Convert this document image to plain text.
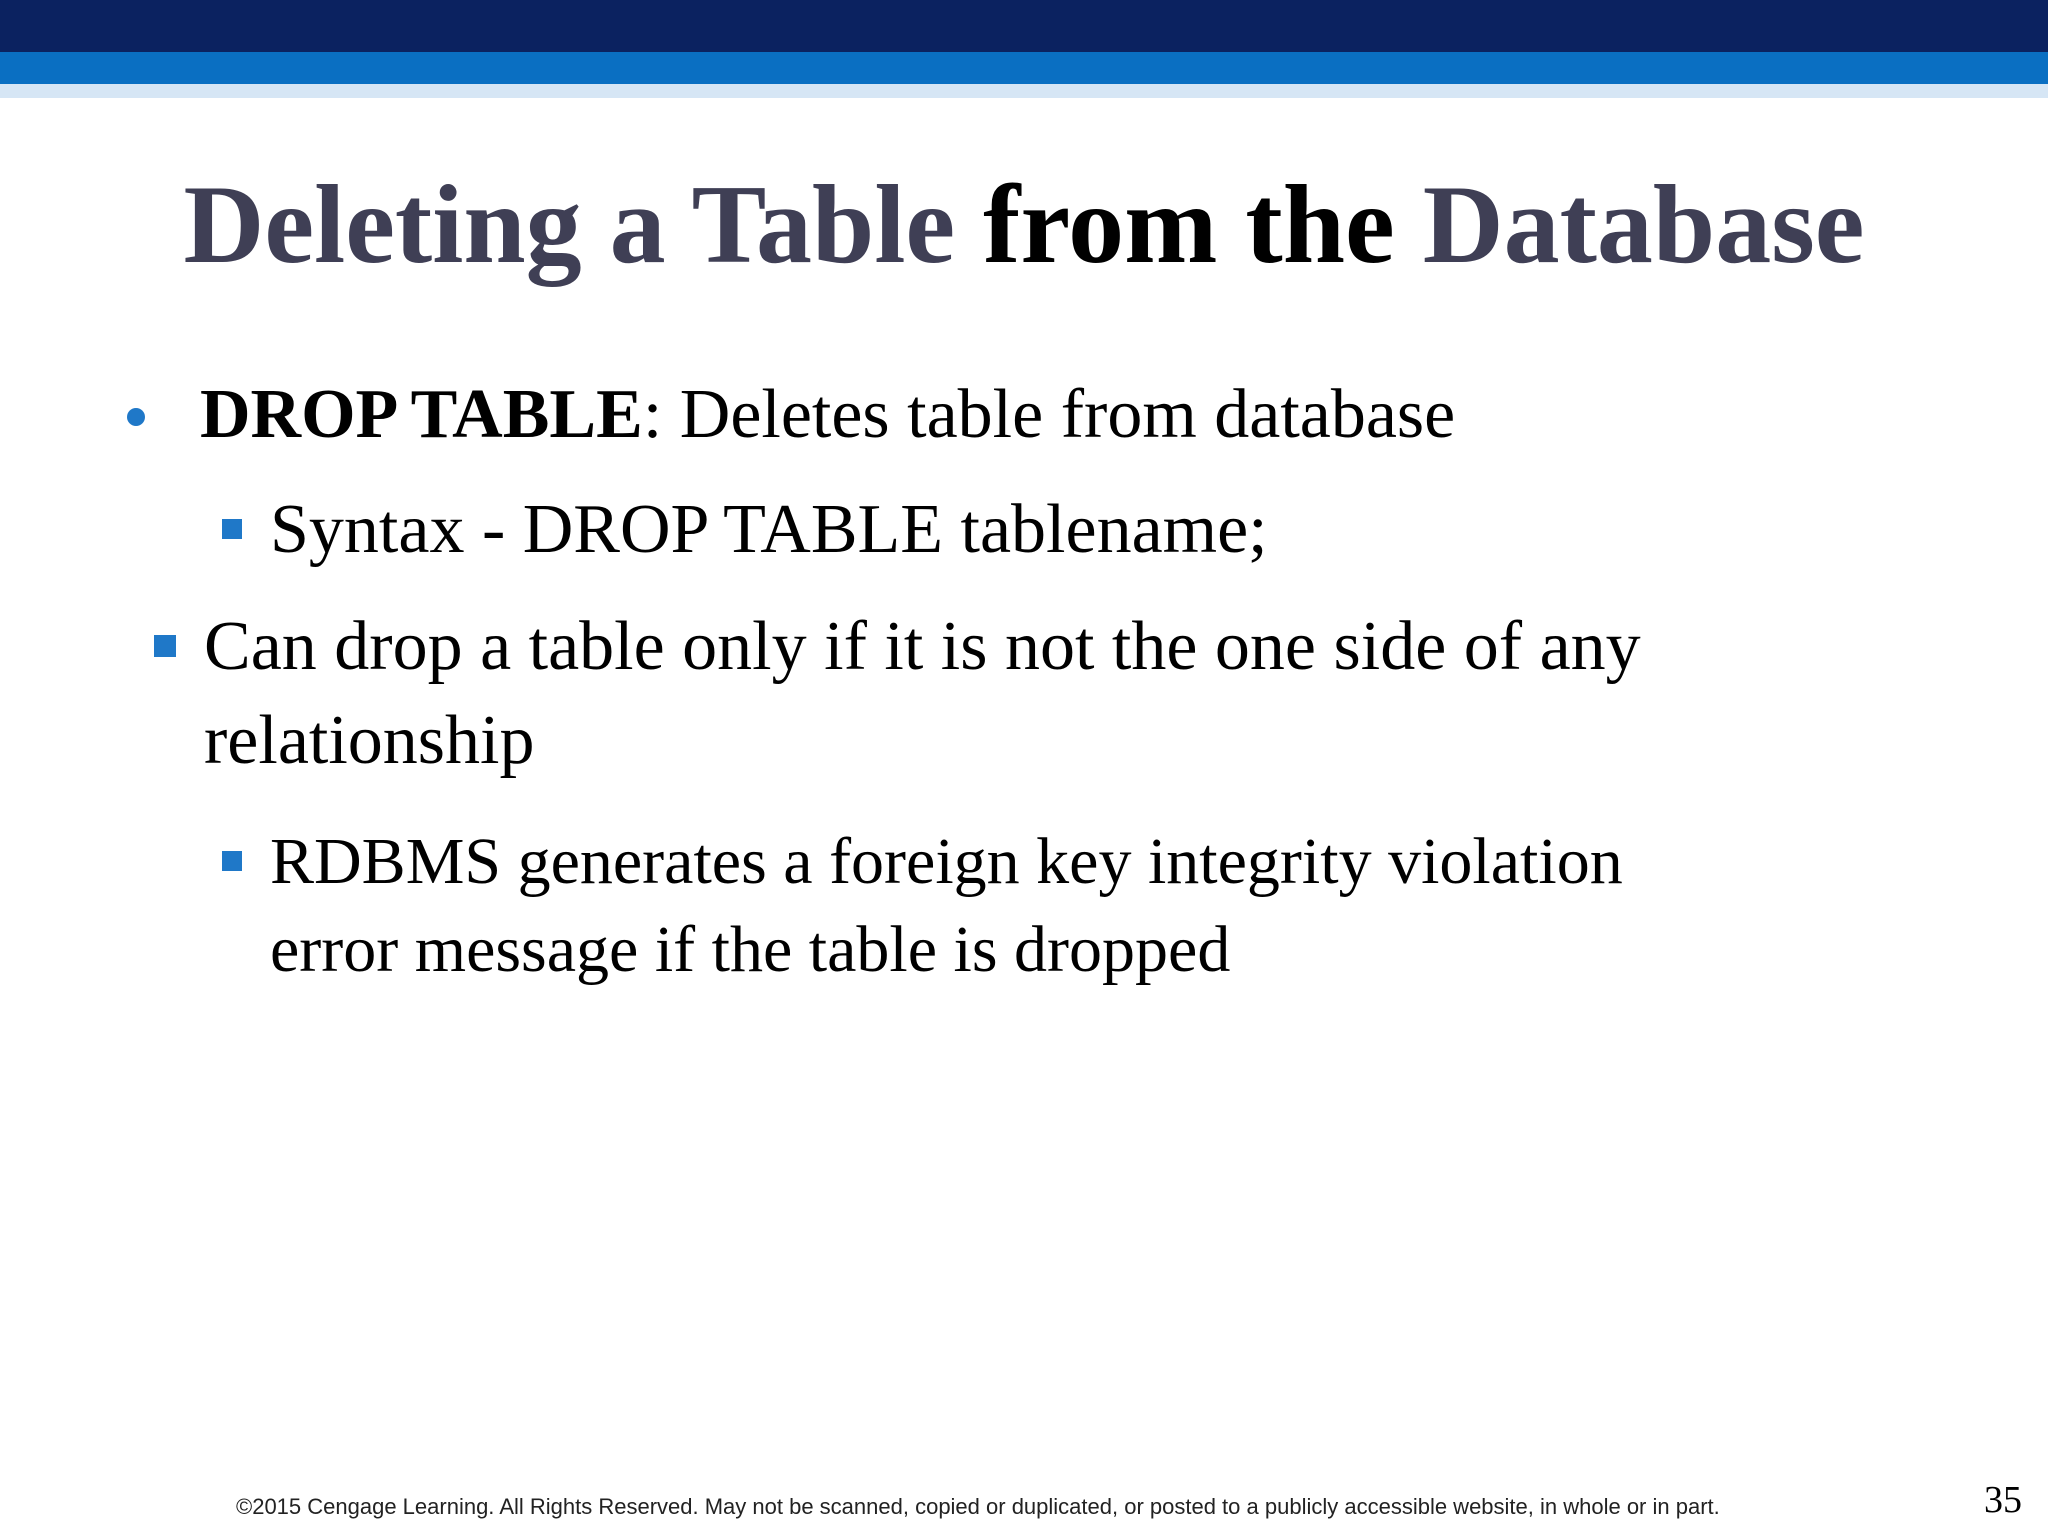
Deleting a Table from the Database
DROP TABLE: Deletes table from database
Syntax - DROP TABLE tablename;
Can drop a table only if it is not the one side of any
relationship
RDBMS generates a foreign key integrity violation
error message if the table is dropped
©2015 Cengage Learning. All Rights Reserved. May not be scanned, copied or duplicated, or posted to a publicly accessible website, in whole or in part.	35
